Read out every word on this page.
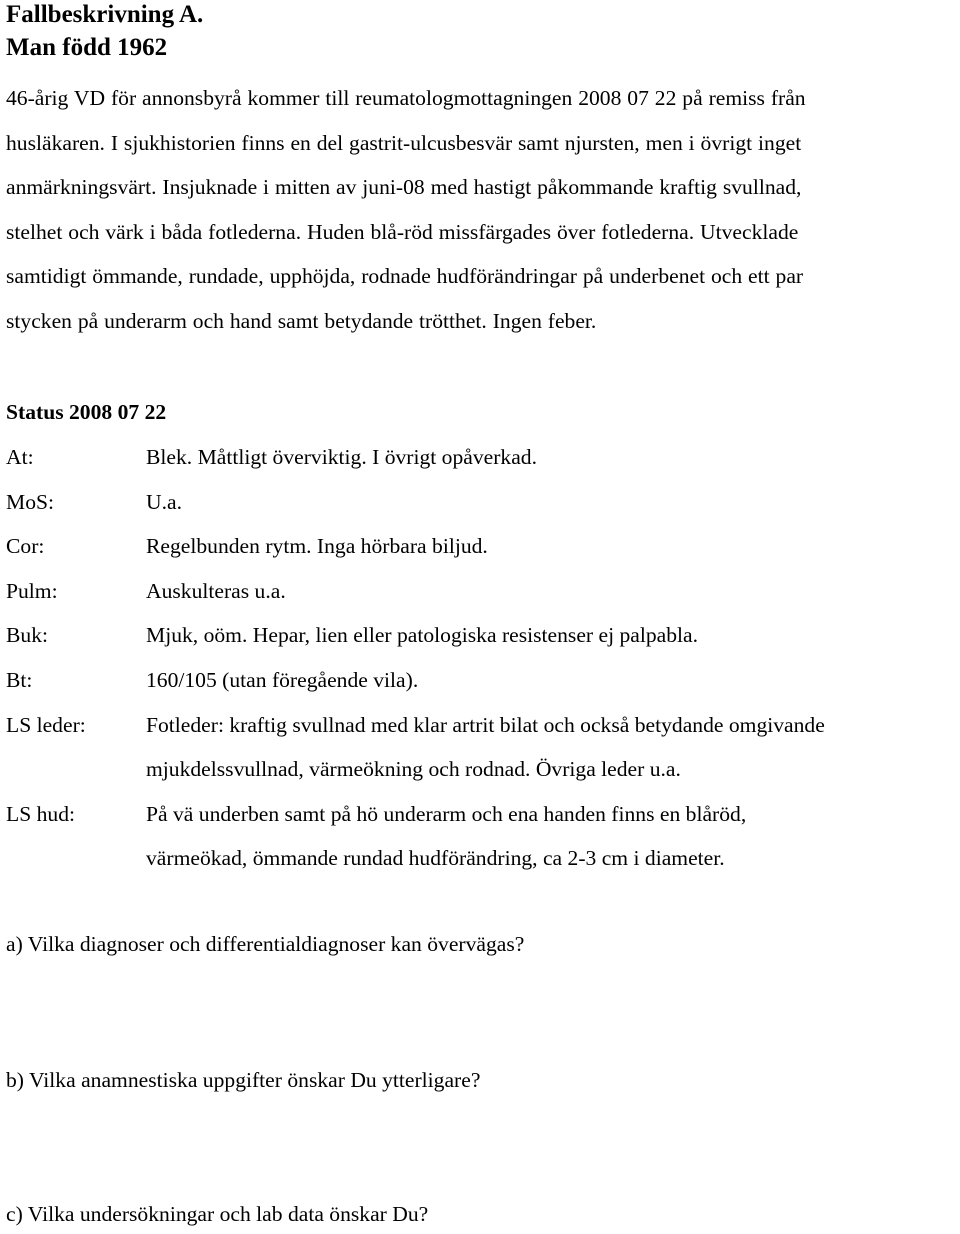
Fallbeskrivning A.
Man född 1962

46-årig VD för annonsbyrå kommer till reumatologmottagningen 2008 07 22 på remiss från
husläkaren. I sjukhistorien finns en del gastrit-ulcusbesvär samt njursten, men i övrigt inget
anmärkningsvärt. Insjuknade i mitten av juni-08 med hastigt påkommande kraftig svullnad,
stelhet och värk i båda fotlederna. Huden blå-röd missfärgades över fotlederna. Utvecklade
samtidigt ömmande, rundade, upphöjda, rodnade hudförändringar på underbenet och ett par
stycken på underarm och hand samt betydande trötthet. Ingen feber.

Status 2008 07 22
At:	Blek. Måttligt överviktig. I övrigt opåverkad.
MoS:	U.a.
Cor:	Regelbunden rytm. Inga hörbara biljud.
Pulm:	Auskulteras u.a.
Buk:	Mjuk, oöm. Hepar, lien eller patologiska resistenser ej palpabla.
Bt:	160/105 (utan föregående vila).
LS leder:	Fotleder: kraftig svullnad med klar artrit bilat och också betydande omgivande
mjukdelssvullnad, värmeökning och rodnad. Övriga leder u.a.
LS hud:	På vä underben samt på hö underarm och ena handen finns en blåröd,
värmeökad, ömmande rundad hudförändring, ca 2-3 cm i diameter.

a) Vilka diagnoser och differentialdiagnoser kan övervägas?

b) Vilka anamnestiska uppgifter önskar Du ytterligare?

c) Vilka undersökningar och lab data önskar Du?
